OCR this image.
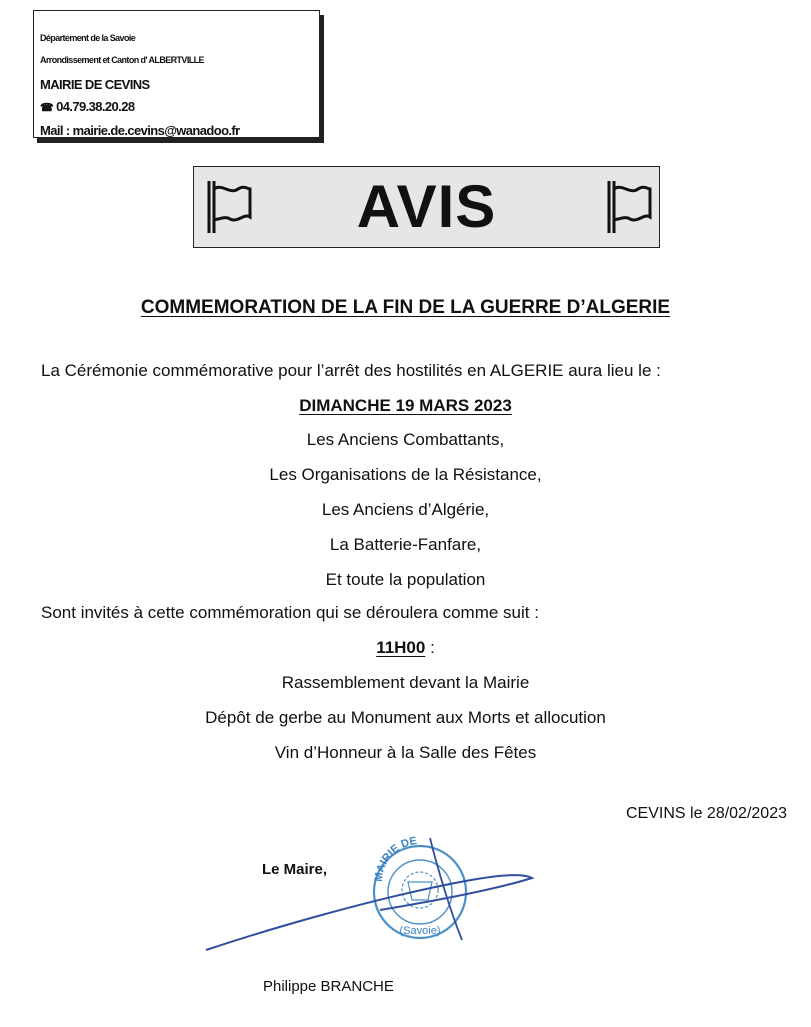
Département de la Savoie
Arrondissement et Canton d' ALBERTVILLE
MAIRIE DE CEVINS
☎ 04.79.38.20.28
Mail : mairie.de.cevins@wanadoo.fr
AVIS
COMMEMORATION DE LA FIN DE LA GUERRE D’ALGERIE
La Cérémonie commémorative pour l’arrêt des hostilités en ALGERIE aura lieu le :
DIMANCHE 19 MARS 2023
Les Anciens Combattants,
Les Organisations de la Résistance,
Les Anciens d’Algérie,
La Batterie-Fanfare,
Et toute la population
Sont invités à cette commémoration qui se déroulera comme suit :
11H00 :
Rassemblement devant la Mairie
Dépôt de gerbe au Monument aux Morts et allocution
Vin d’Honneur à la Salle des Fêtes
CEVINS le 28/02/2023
Le Maire,	MAIRIE DE
(Savoie)
Philippe BRANCHE
